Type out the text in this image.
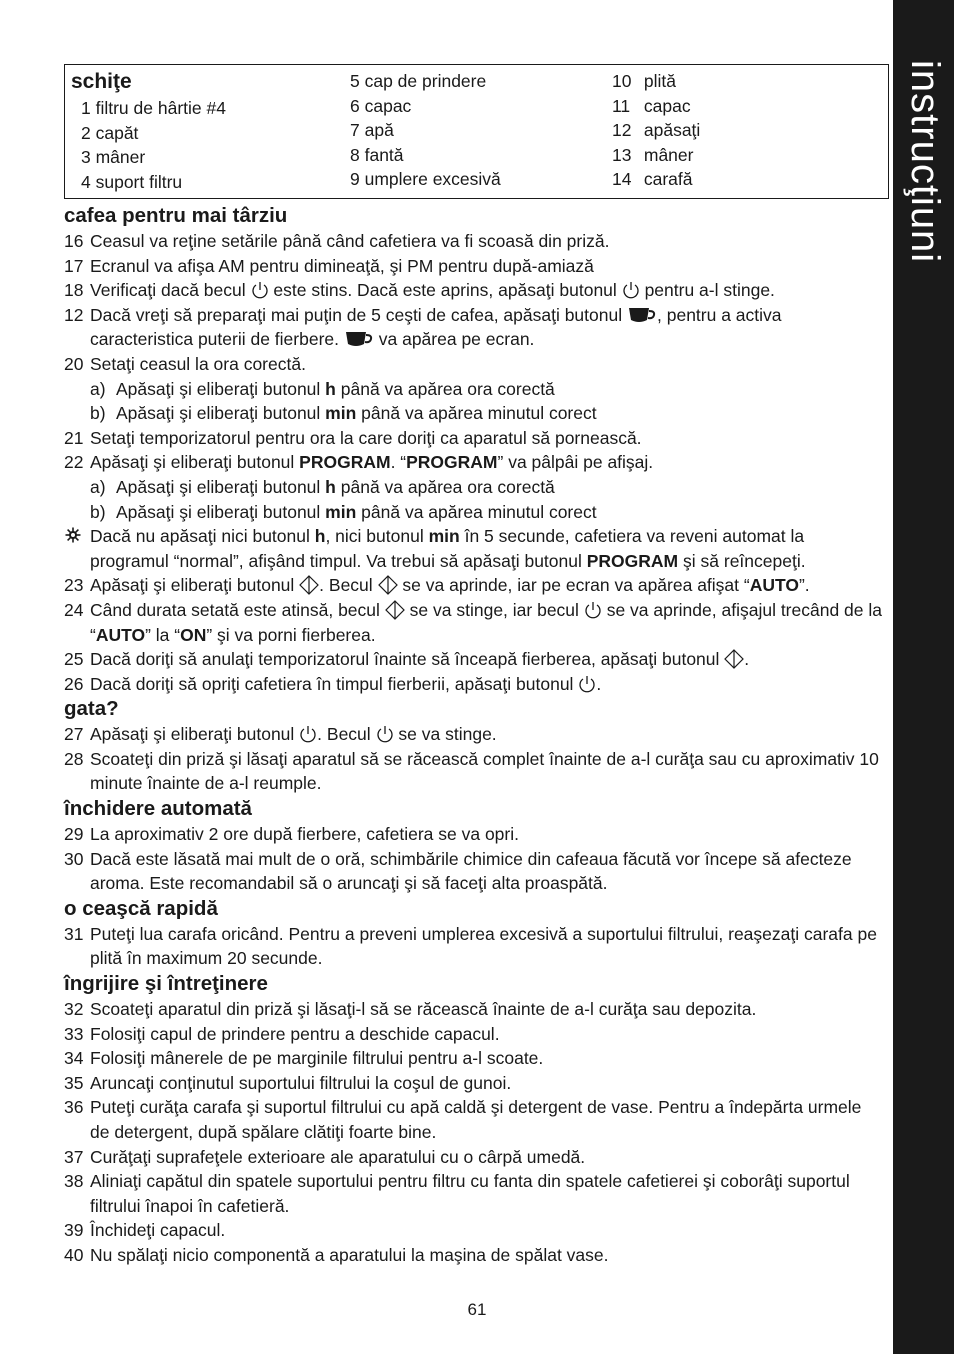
instrucţiuni
schiţe
1 filtru de hârtie #4
2 capăt
3 mâner
4 suport filtru
5 cap de prindere
6 capac
7 apă
8 fantă
9 umplere excesivă
10 plită
11 capac
12 apăsaţi
13 mâner
14 carafă
cafea pentru mai târziu
16 Ceasul va reţine setările până când cafetiera va fi scoasă din priză.
17 Ecranul va afişa AM pentru dimineaţă, şi PM pentru după-amiază
18 Verificaţi dacă becul este stins. Dacă este aprins, apăsaţi butonul pentru a-l stinge.
12 Dacă vreţi să preparaţi mai puţin de 5 ceşti de cafea, apăsaţi butonul , pentru a activa caracteristica puterii de fierbere. va apărea pe ecran.
20 Setaţi ceasul la ora corectă.
a) Apăsaţi şi eliberaţi butonul h până va apărea ora corectă
b) Apăsaţi şi eliberaţi butonul min până va apărea minutul corect
21 Setaţi temporizatorul pentru ora la care doriţi ca aparatul să pornească.
22 Apăsaţi şi eliberaţi butonul PROGRAM. “PROGRAM” va pâlpâi pe afişaj.
a) Apăsaţi şi eliberaţi butonul h până va apărea ora corectă
b) Apăsaţi şi eliberaţi butonul min până va apărea minutul corect
Dacă nu apăsaţi nici butonul h, nici butonul min în 5 secunde, cafetiera va reveni automat la programul “normal”, afişând timpul. Va trebui să apăsaţi butonul PROGRAM şi să reîncepeţi.
23 Apăsaţi şi eliberaţi butonul . Becul se va aprinde, iar pe ecran va apărea afişat “AUTO”.
24 Când durata setată este atinsă, becul se va stinge, iar becul se va aprinde, afişajul trecând de la “AUTO” la “ON” şi va porni fierberea.
25 Dacă doriţi să anulaţi temporizatorul înainte să înceapă fierberea, apăsaţi butonul .
26 Dacă doriţi să opriţi cafetiera în timpul fierberii, apăsaţi butonul .
gata?
27 Apăsaţi şi eliberaţi butonul . Becul se va stinge.
28 Scoateţi din priză şi lăsaţi aparatul să se răcească complet înainte de a-l curăţa sau cu aproximativ 10 minute înainte de a-l reumple.
închidere automată
29 La aproximativ 2 ore după fierbere, cafetiera se va opri.
30 Dacă este lăsată mai mult de o oră, schimbările chimice din cafeaua făcută vor începe să afecteze aroma. Este recomandabil să o aruncaţi şi să faceţi alta proaspătă.
o ceaşcă rapidă
31 Puteţi lua carafa oricând. Pentru a preveni umplerea excesivă a suportului filtrului, reaşezaţi carafa pe plită în maximum 20 secunde.
îngrijire şi întreţinere
32 Scoateţi aparatul din priză şi lăsaţi-l să se răcească înainte de a-l curăţa sau depozita.
33 Folosiţi capul de prindere pentru a deschide capacul.
34 Folosiţi mânerele de pe marginile filtrului pentru a-l scoate.
35 Aruncaţi conţinutul suportului filtrului la coşul de gunoi.
36 Puteţi curăţa carafa şi suportul filtrului cu apă caldă şi detergent de vase. Pentru a îndepărta urmele de detergent, după spălare clătiţi foarte bine.
37 Curăţaţi suprafeţele exterioare ale aparatului cu o cârpă umedă.
38 Aliniaţi capătul din spatele suportului pentru filtru cu fanta din spatele cafetierei şi coborâţi suportul filtrului înapoi în cafetieră.
39 Închideţi capacul.
40 Nu spălaţi nicio componentă a aparatului la maşina de spălat vase.
61
